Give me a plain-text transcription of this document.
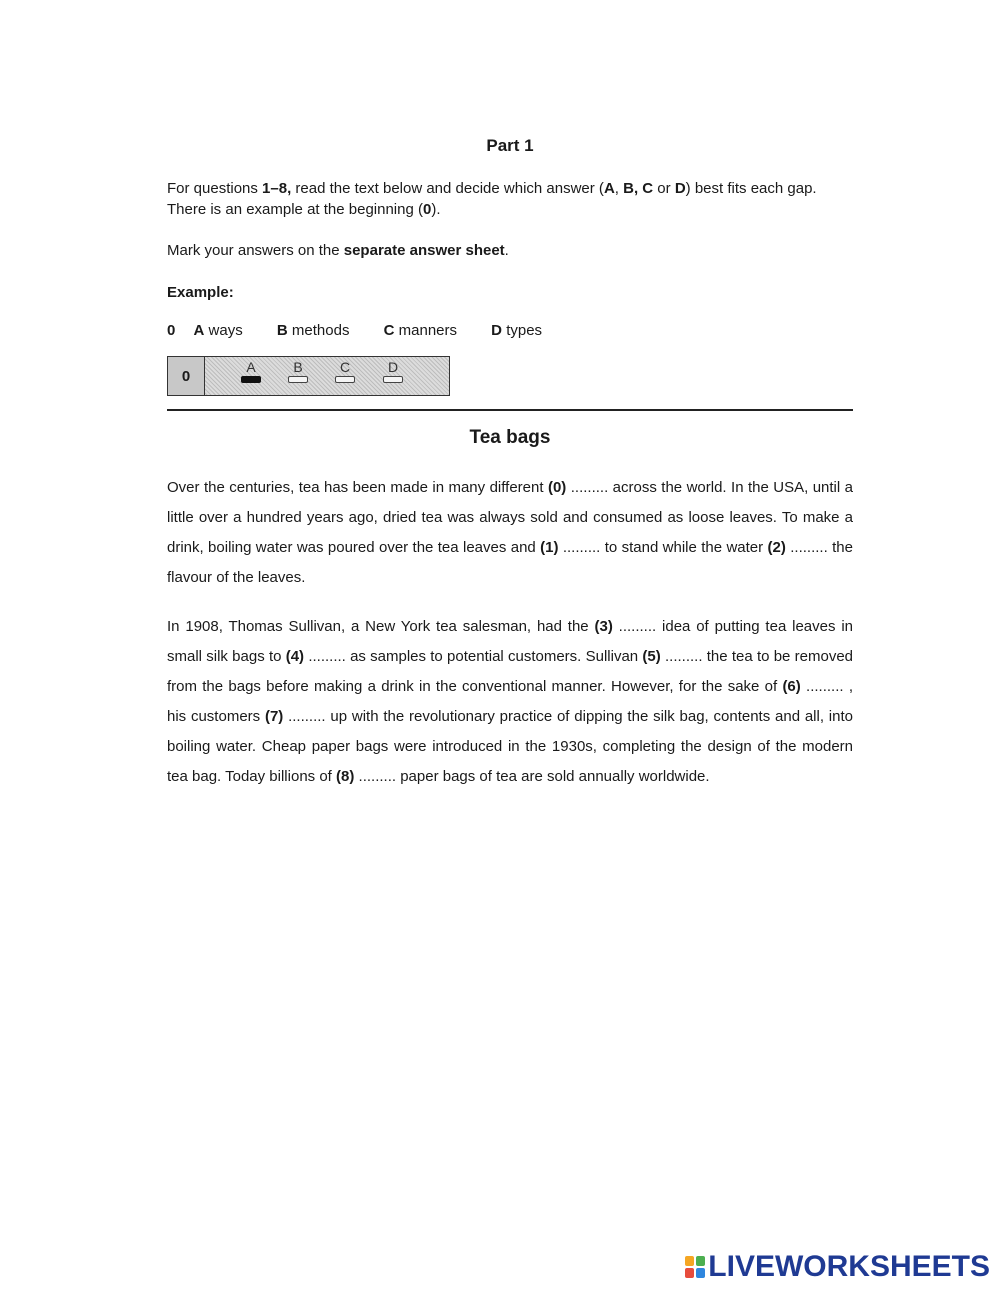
Part 1
For questions 1–8, read the text below and decide which answer (A, B, C or D) best fits each gap.
There is an example at the beginning (0).
Mark your answers on the separate answer sheet.
Example:
0 A ways B methods C manners D types
0
A	B	C	D
Tea bags
Over the centuries, tea has been made in many different (0) ......... across the world. In the USA, until a little over a hundred years ago, dried tea was always sold and consumed as loose leaves. To make a drink, boiling water was poured over the tea leaves and (1) ......... to stand while the water (2) ......... the flavour of the leaves.
In 1908, Thomas Sullivan, a New York tea salesman, had the (3) ......... idea of putting tea leaves in small silk bags to (4) ......... as samples to potential customers. Sullivan (5) ......... the tea to be removed from the bags before making a drink in the conventional manner. However, for the sake of (6) ......... , his customers (7) ......... up with the revolutionary practice of dipping the silk bag, contents and all, into boiling water. Cheap paper bags were introduced in the 1930s, completing the design of the modern tea bag. Today billions of (8) ......... paper bags of tea are sold annually worldwide.
LIVEWORKSHEETS
